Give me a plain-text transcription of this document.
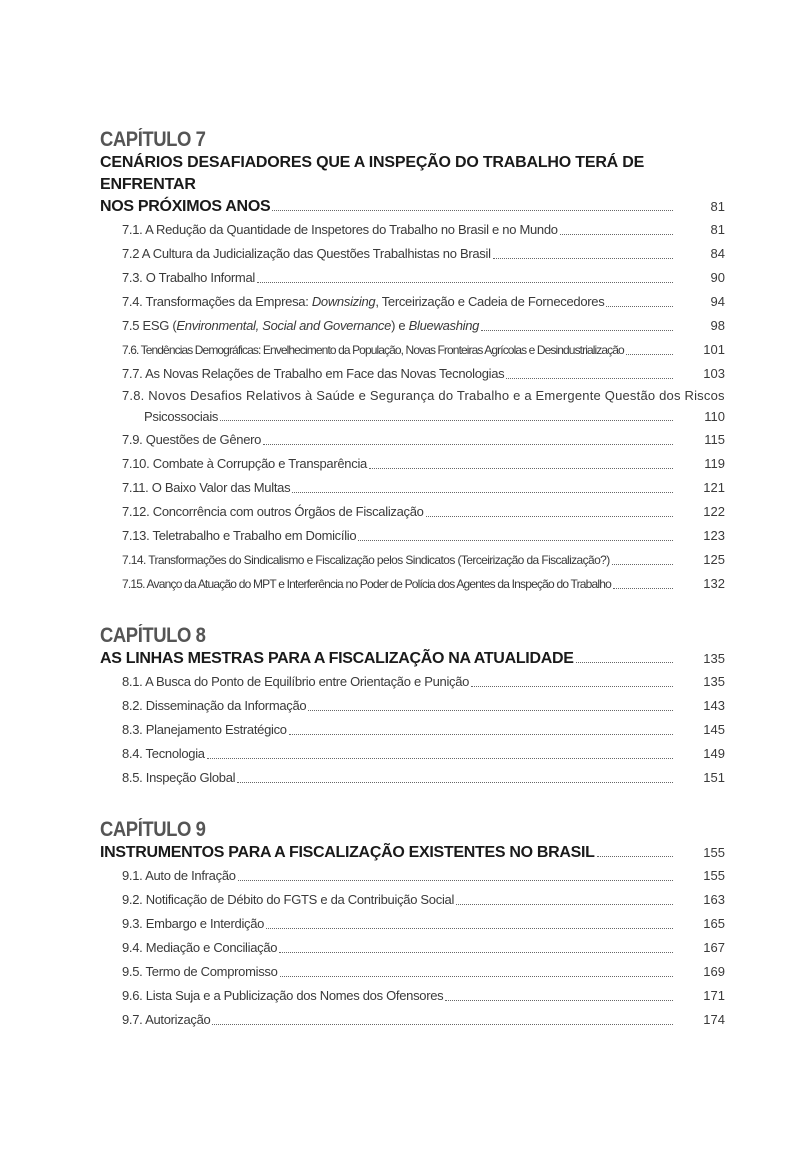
CAPÍTULO 7
CENÁRIOS DESAFIADORES QUE A INSPEÇÃO DO TRABALHO TERÁ DE ENFRENTAR
NOS PRÓXIMOS ANOS	81
7.1. A Redução da Quantidade de Inspetores do Trabalho no Brasil e no Mundo	81
7.2 A Cultura da Judicialização das Questões Trabalhistas no Brasil	84
7.3. O Trabalho Informal	90
7.4. Transformações da Empresa: Downsizing, Terceirização e Cadeia de Fornecedores	94
7.5 ESG (Environmental, Social and Governance) e Bluewashing	98
7.6. Tendências Demográficas: Envelhecimento da População, Novas Fronteiras Agrícolas e Desindustrialização	101
7.7. As Novas Relações de Trabalho em Face das Novas Tecnologias	103
7.8. Novos Desafios Relativos à Saúde e Segurança do Trabalho e a Emergente Questão dos Riscos
Psicossociais	110
7.9. Questões de Gênero	115
7.10. Combate à Corrupção e Transparência	119
7.11. O Baixo Valor das Multas	121
7.12. Concorrência com outros Órgãos de Fiscalização	122
7.13. Teletrabalho e Trabalho em Domicílio	123
7.14. Transformações do Sindicalismo e Fiscalização pelos Sindicatos (Terceirização da Fiscalização?)	125
7.15. Avanço da Atuação do MPT e Interferência no Poder de Polícia dos Agentes da Inspeção do Trabalho	132
CAPÍTULO 8
AS LINHAS MESTRAS PARA A FISCALIZAÇÃO NA ATUALIDADE	135
8.1. A Busca do Ponto de Equilíbrio entre Orientação e Punição	135
8.2. Disseminação da Informação	143
8.3. Planejamento Estratégico	145
8.4. Tecnologia	149
8.5. Inspeção Global	151
CAPÍTULO 9
INSTRUMENTOS PARA A FISCALIZAÇÃO EXISTENTES NO BRASIL	155
9.1. Auto de Infração	155
9.2. Notificação de Débito do FGTS e da Contribuição Social	163
9.3. Embargo e Interdição	165
9.4. Mediação e Conciliação	167
9.5. Termo de Compromisso	169
9.6. Lista Suja e a Publicização dos Nomes dos Ofensores	171
9.7. Autorização	174
